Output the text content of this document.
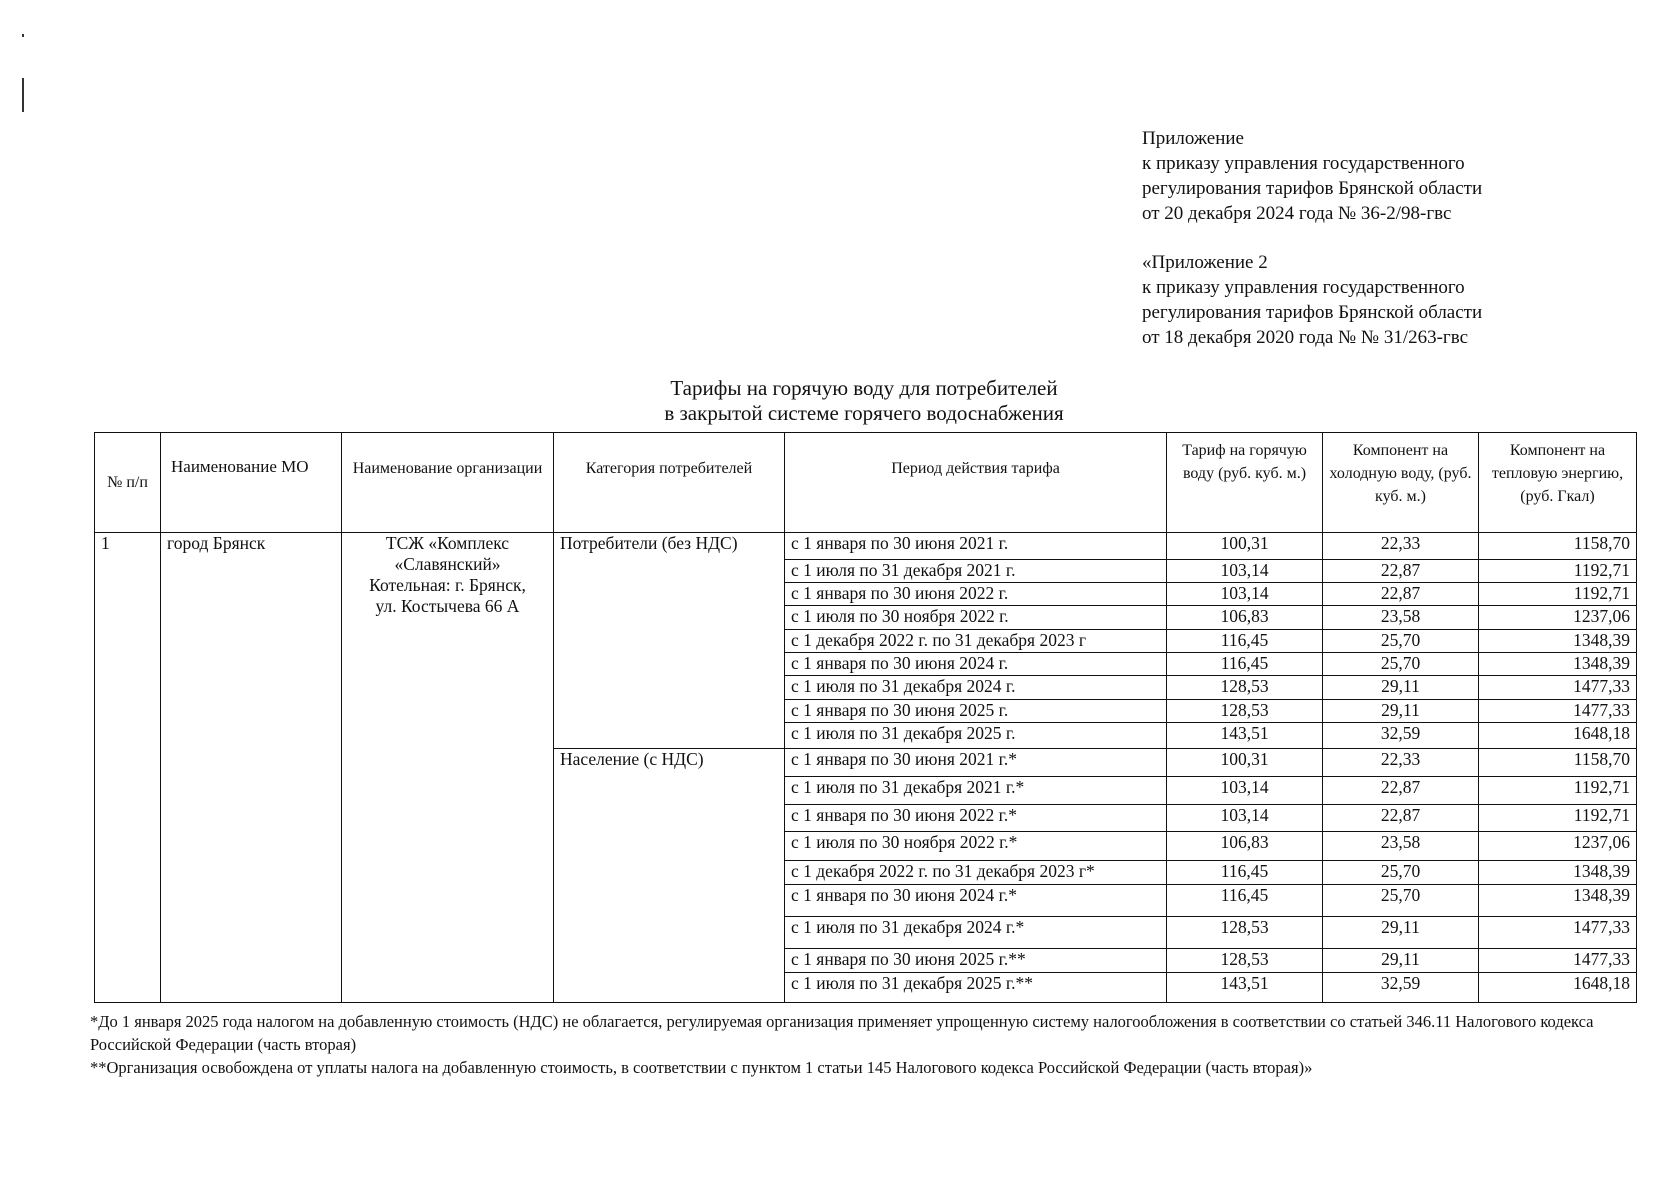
Приложение
к приказу управления государственного
регулирования тарифов Брянской области
от 20 декабря 2024 года № 36-2/98-гвс
«Приложение 2
к приказу управления государственного
регулирования тарифов Брянской области
от 18 декабря 2020 года № № 31/263-гвс
Тарифы на горячую воду для потребителей
в закрытой системе горячего водоснабжения
№ п/п	Наименование МО	Наименование организации	Категория потребителей	Период действия тарифа	Тариф на горячую воду (руб. куб. м.)	Компонент на холодную воду, (руб. куб. м.)	Компонент на тепловую энергию, (руб. Гкал)
1	город Брянск	ТСЖ «Комплекс
«Славянский»
Котельная: г. Брянск,
ул. Костычева 66 А	Потребители (без НДС)	с 1 января по 30 июня 2021 г.	100,31	22,33	1158,70
				с 1 июля по 31 декабря 2021 г.	103,14	22,87	1192,71
				с 1 января по 30 июня 2022 г.	103,14	22,87	1192,71
				с 1 июля по 30 ноября 2022 г.	106,83	23,58	1237,06
				с 1 декабря 2022 г. по 31 декабря 2023 г	116,45	25,70	1348,39
				с 1 января по 30 июня 2024 г.	116,45	25,70	1348,39
				с 1 июля по 31 декабря 2024 г.	128,53	29,11	1477,33
				с 1 января по 30 июня 2025 г.	128,53	29,11	1477,33
				с 1 июля по 31 декабря 2025 г.	143,51	32,59	1648,18
			Население (с НДС)	с 1 января по 30 июня 2021 г.*	100,31	22,33	1158,70
				с 1 июля по 31 декабря 2021 г.*	103,14	22,87	1192,71
				с 1 января по 30 июня 2022 г.*	103,14	22,87	1192,71
				с 1 июля по 30 ноября 2022 г.*	106,83	23,58	1237,06
				с 1 декабря 2022 г. по 31 декабря 2023 г*	116,45	25,70	1348,39
				с 1 января по 30 июня 2024 г.*	116,45	25,70	1348,39
				с 1 июля по 31 декабря 2024 г.*	128,53	29,11	1477,33
				с 1 января по 30 июня 2025 г.**	128,53	29,11	1477,33
				с 1 июля по 31 декабря 2025 г.**	143,51	32,59	1648,18

*До 1 января 2025 года налогом на добавленную стоимость (НДС) не облагается, регулируемая организация применяет упрощенную систему налогообложения в соответствии со статьей 346.11 Налогового кодекса Российской Федерации (часть вторая)

**Организация освобождена от уплаты налога на добавленную стоимость, в соответствии с пунктом 1 статьи 145 Налогового кодекса Российской Федерации (часть вторая)»
